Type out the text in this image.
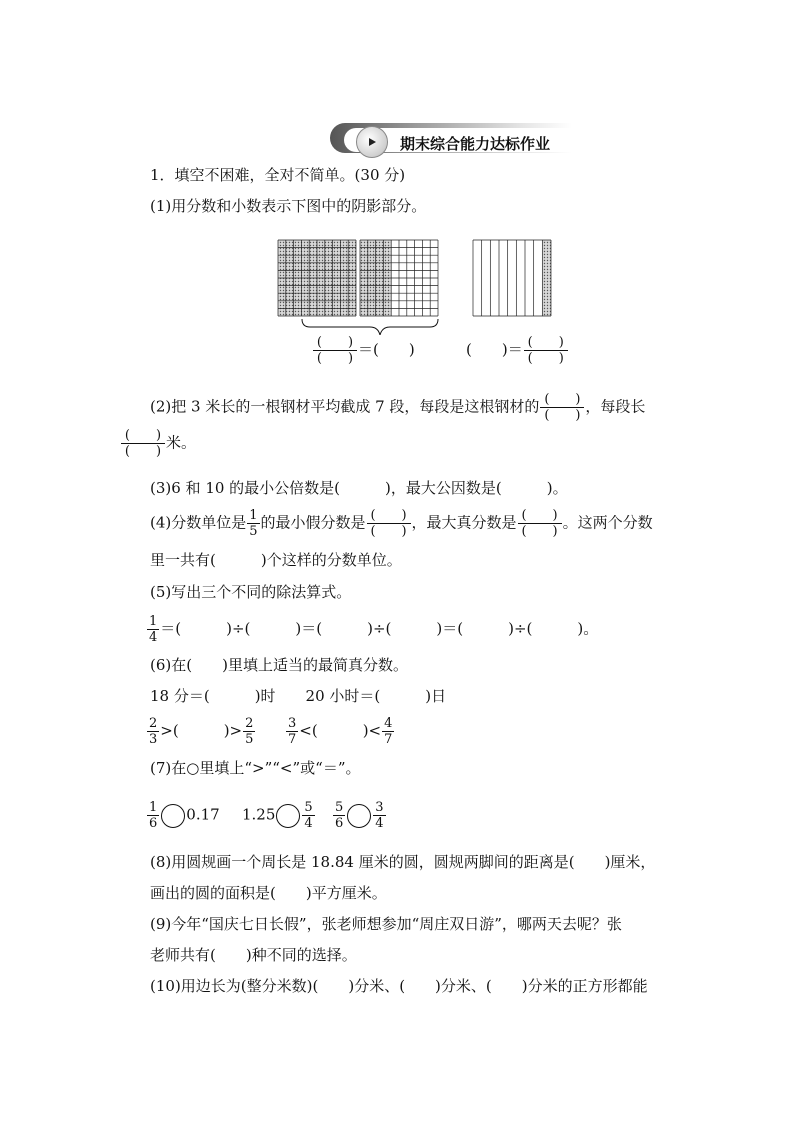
期末综合能力达标作业
1．填空不困难，全对不简单。(30 分)
(1)用分数和小数表示下图中的阴影部分。
$\frac{( )}{( )}$ ＝(　　)	(　　)＝ $\frac{( )}{( )}$
(2)把 3 米长的一根钢材平均截成 7 段，每段是这根钢材的 $\frac{( )}{( )}$ ，每段长
$\frac{( )}{( )}$ 米。
(3)6 和 10 的最小公倍数是(　　　)，最大公因数是(　　　)。
(4)分数单位是 $\frac{1}{5}$ 的最小假分数是 $\frac{( )}{( )}$ ，最大真分数是 $\frac{( )}{( )}$ 。这两个分数
里一共有(　　　)个这样的分数单位。
(5)写出三个不同的除法算式。
$\frac{1}{4}$ ＝(　　　)÷(　　　)＝(　　　)÷(　　　)＝(　　　)÷(　　　)。
(6)在(　　)里填上适当的最简真分数。
18 分＝(　　　)时　　20 小时＝(　　　)日
$\frac{2}{3}$ >(　　　)> $\frac{2}{5} \frac{3}{7}$ <(　　　)< $\frac{4}{7}$
(7)在○里填上“>”“<”或“＝”。
$\frac{1}{6} 0.17$ $1.25 \frac{5}{4} \frac{5}{6} \frac{3}{4}$
(8)用圆规画一个周长是 18.84 厘米的圆，圆规两脚间的距离是(　　)厘米，
画出的圆的面积是(　　)平方厘米。
(9)今年“国庆七日长假”，张老师想参加“周庄双日游”，哪两天去呢？张
老师共有(　　)种不同的选择。
(10)用边长为(整分米数)(　　)分米、(　　)分米、(　　)分米的正方形都能
